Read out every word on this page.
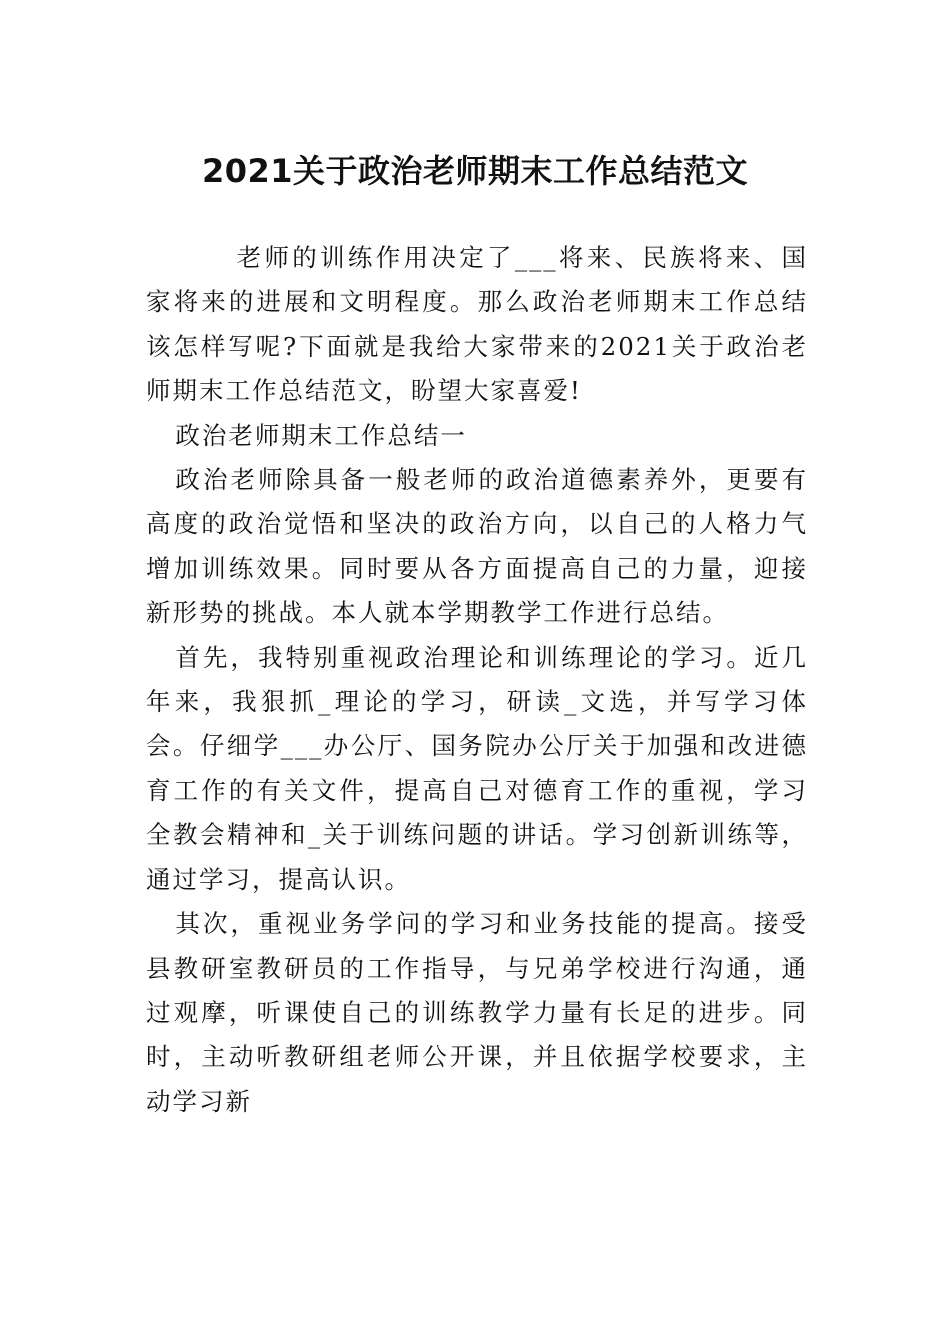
2021关于政治老师期末工作总结范文

老师的训练作用决定了___将来、民族将来、国家将来的进展和文明程度。那么政治老师期末工作总结该怎样写呢?下面就是我给大家带来的2021关于政治老师期末工作总结范文，盼望大家喜爱!

政治老师期末工作总结一

政治老师除具备一般老师的政治道德素养外，更要有高度的政治觉悟和坚决的政治方向，以自己的人格力气增加训练效果。同时要从各方面提高自己的力量，迎接新形势的挑战。本人就本学期教学工作进行总结。

首先，我特别重视政治理论和训练理论的学习。近几年来，我狠抓_理论的学习，研读_文选，并写学习体会。仔细学___办公厅、国务院办公厅关于加强和改进德育工作的有关文件，提高自己对德育工作的重视，学习全教会精神和_关于训练问题的讲话。学习创新训练等，通过学习，提高认识。

其次，重视业务学问的学习和业务技能的提高。接受县教研室教研员的工作指导，与兄弟学校进行沟通，通过观摩，听课使自己的训练教学力量有长足的进步。同时，主动听教研组老师公开课，并且依据学校要求，主动学习新
